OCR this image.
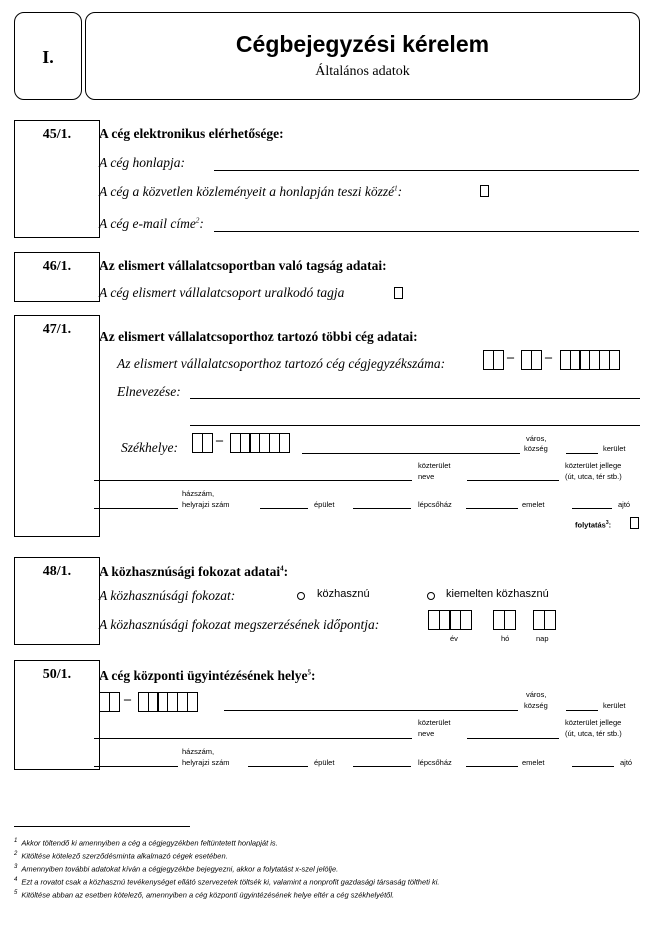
I.	Cégbejegyzési kérelem
Általános adatok
45/1.	A cég elektronikus elérhetősége:
A cég honlapja:
A cég a közvetlen közleményeit a honlapján teszi közzé$^1$:
A cég e-mail címe$^2$:
46/1.	Az elismert vállalatcsoportban való tagság adatai:
A cég elismert vállalatcsoport uralkodó tagja
47/1.	Az elismert vállalatcsoporthoz tartozó többi cég adatai:
Az elismert vállalatcsoporthoz tartozó cég cégjegyzékszáma:	– –
Elnevezése:
Székhelye:	–	város,
község	kerület
közterület
neve
közterület jellege
(út, utca, tér stb.)
házszám,
helyrajzi szám	épület	lépcsőház	emelet	ajtó
folytatás$^3$:
48/1.	A közhasznúsági fokozat adatai$^4$:
A közhasznúsági fokozat:	közhasznú	kiemelten közhasznú
A közhasznúsági fokozat megszerzésének időpontja:
év	hó	nap
50/1.	A cég központi ügyintézésének helye$^5$:
–	város,
község	kerület
közterület
neve
közterület jellege
(út, utca, tér stb.)
házszám,
helyrajzi szám	épület	lépcsőház	emelet	ajtó
$^1$ Akkor töltendő ki amennyiben a cég a cégjegyzékben feltüntetett honlapját is.
$^2$ Kitöltése kötelező szerződésminta alkalmazó cégek esetében.
$^3$ Amennyiben további adatokat kíván a cégjegyzékbe bejegyezni, akkor a folytatást x-szel jelölje.
$^4$ Ezt a rovatot csak a közhasznú tevékenységet ellátó szervezetek töltsék ki, valamint a nonprofit gazdasági társaság töltheti ki.
$^5$ Kitöltése abban az esetben kötelező, amennyiben a cég központi ügyintézésének helye eltér a cég székhelyétől.
